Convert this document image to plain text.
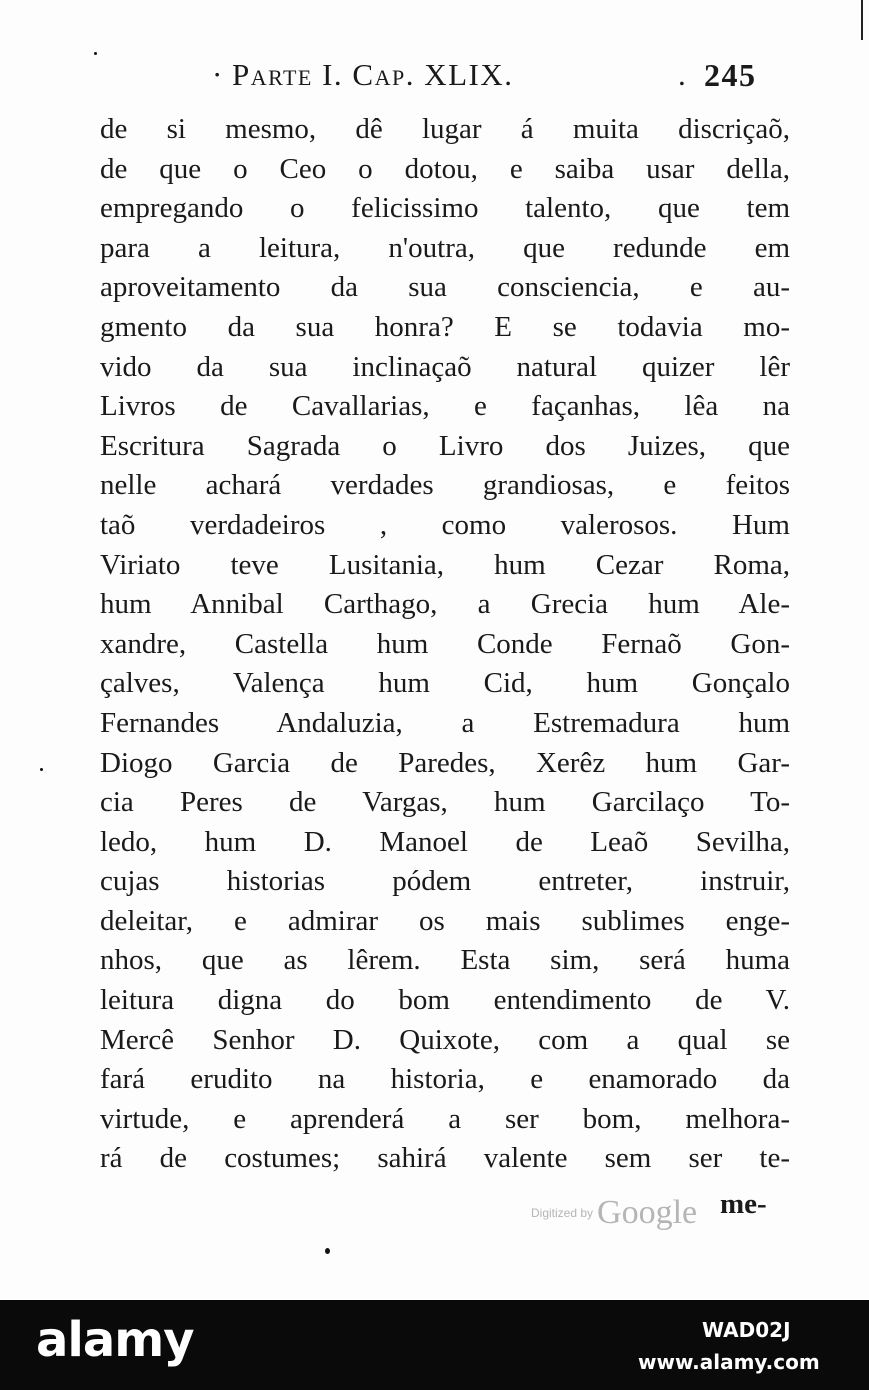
· Parte I. Cap. XLIX.	. 245
de si mesmo, dê lugar á muita discriçaõ,
de que o Ceo o dotou, e saiba usar della,
empregando o felicissimo talento, que tem
para a leitura, n'outra, que redunde em
aproveitamento da sua consciencia, e au-
gmento da sua honra? E se todavia mo-
vido da sua inclinaçaõ natural quizer lêr
Livros de Cavallarias, e façanhas, lêa na
Escritura Sagrada o Livro dos Juizes, que
nelle achará verdades grandiosas, e feitos
taõ verdadeiros , como valerosos. Hum
Viriato teve Lusitania, hum Cezar Roma,
hum Annibal Carthago, a Grecia hum Ale-
xandre, Castella hum Conde Fernaõ Gon-
çalves, Valença hum Cid, hum Gonçalo
Fernandes Andaluzia, a Estremadura hum
Diogo Garcia de Paredes, Xerêz hum Gar-
cia Peres de Vargas, hum Garcilaço To-
ledo, hum D. Manoel de Leaõ Sevilha,
cujas historias pódem entreter, instruir,
deleitar, e admirar os mais sublimes enge-
nhos, que as lêrem. Esta sim, será huma
leitura digna do bom entendimento de V.
Mercê Senhor D. Quixote, com a qual se
fará erudito na historia, e enamorado da
virtude, e aprenderá a ser bom, melhora-
rá de costumes; sahirá valente sem ser te-
Digitized by Google me-
alamy	WAD02J
www.alamy.com
